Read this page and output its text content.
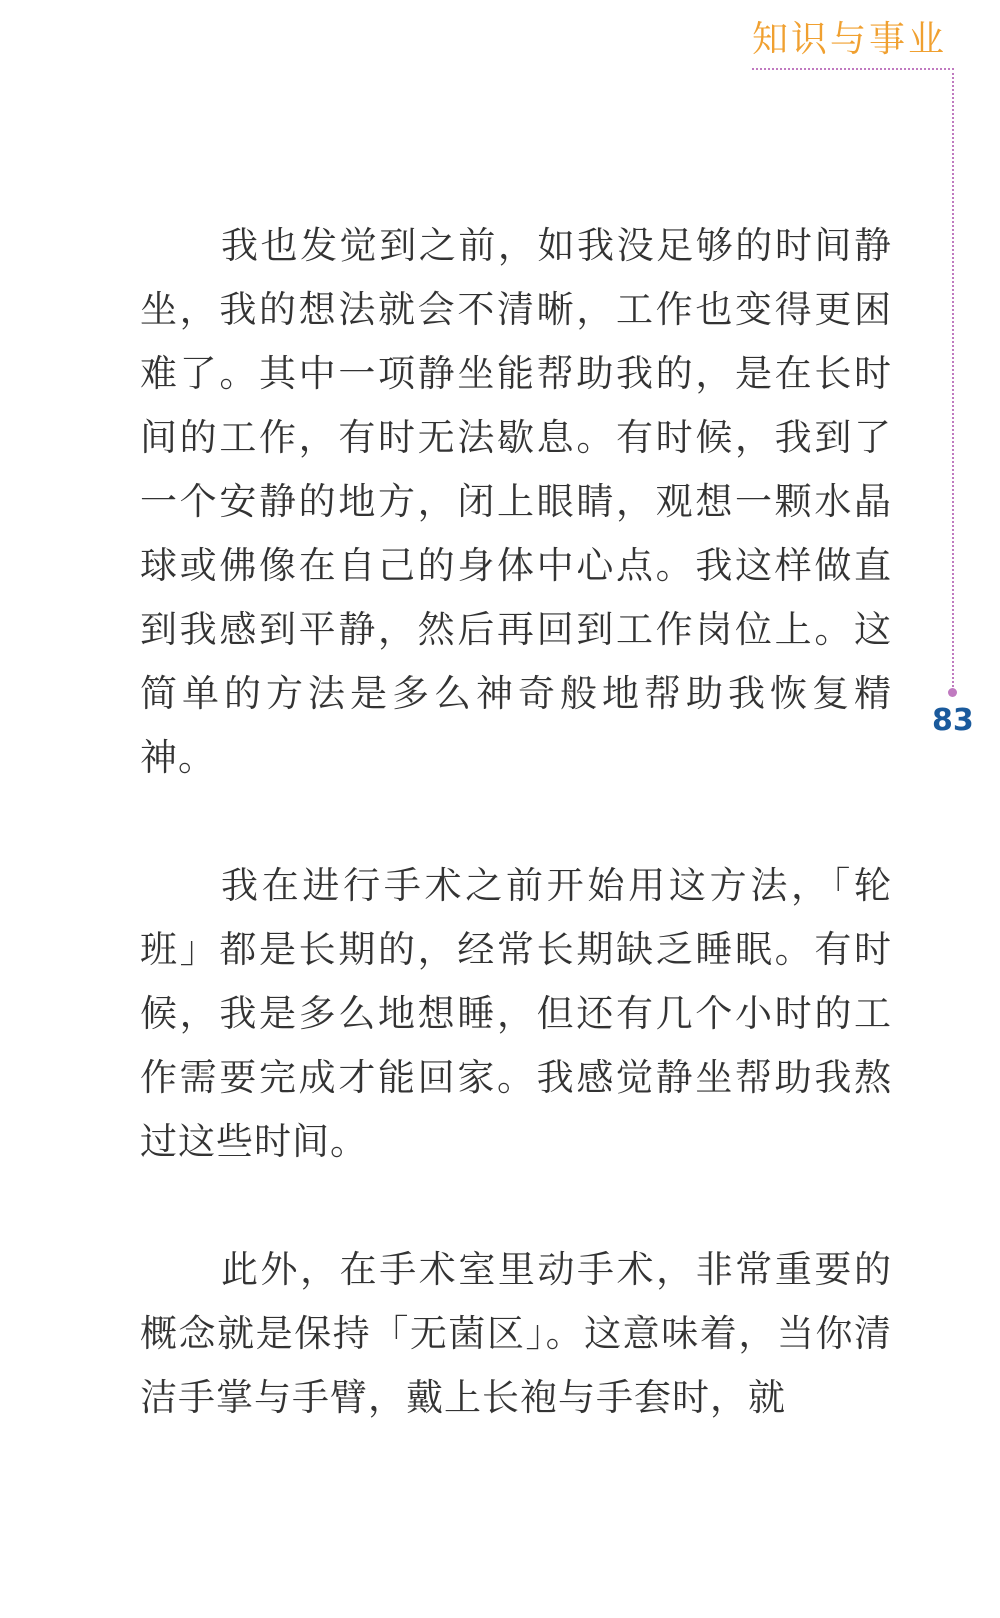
知识与事业
83

我也发觉到之前，如我没足够的时间静坐，我的想法就会不清晰，工作也变得更困难了。其中一项静坐能帮助我的，是在长时间的工作，有时无法歇息。有时候，我到了一个安静的地方，闭上眼睛，观想一颗水晶球或佛像在自己的身体中心点。我这样做直到我感到平静，然后再回到工作岗位上。这简单的方法是多么神奇般地帮助我恢复精神。

我在进行手术之前开始用这方法，「轮班」都是长期的，经常长期缺乏睡眠。有时候，我是多么地想睡，但还有几个小时的工作需要完成才能回家。我感觉静坐帮助我熬过这些时间。

此外，在手术室里动手术，非常重要的概念就是保持「无菌区」。这意味着，当你清洁手掌与手臂，戴上长袍与手套时，就
